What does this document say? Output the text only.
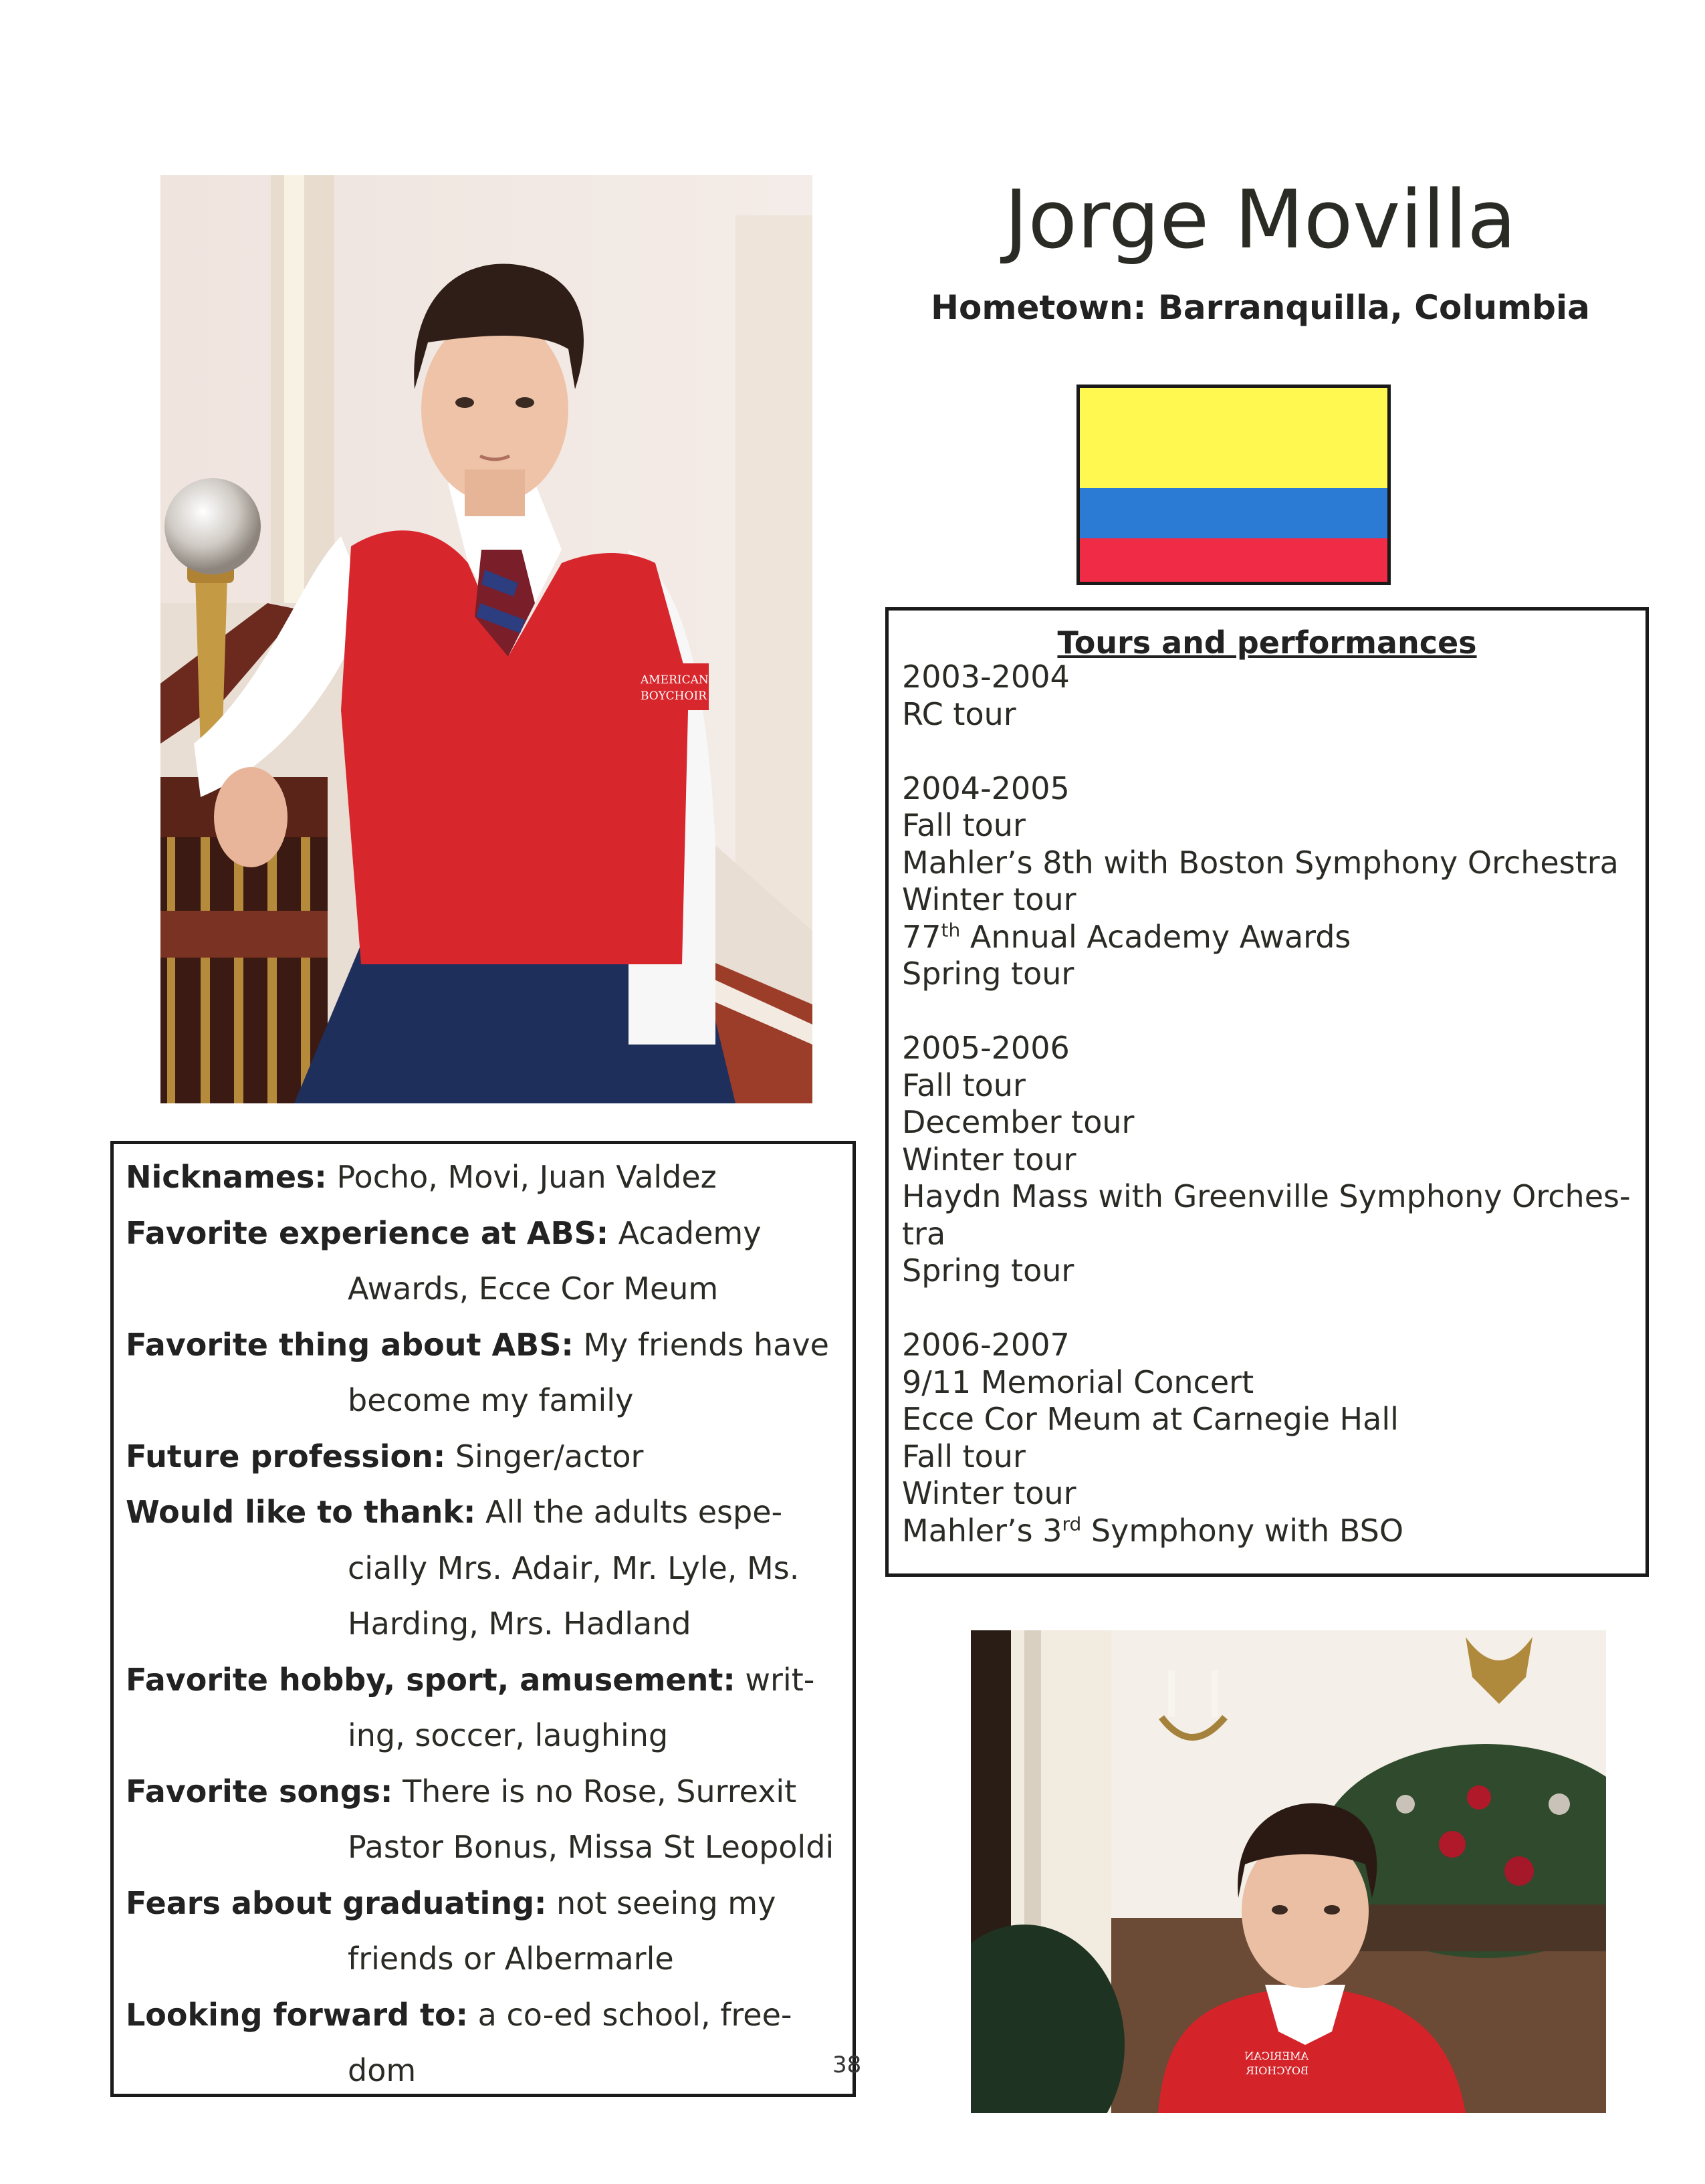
Jorge Movilla
Hometown: Barranquilla, Columbia
AMERICAN
BOYCHOIR
Tours and performances
2003-2004
RC tour
2004-2005
Fall tour
Mahler’s 8th with Boston Symphony Orchestra
Winter tour
77th Annual Academy Awards
Spring tour
2005-2006
Fall tour
December tour
Winter tour
Haydn Mass with Greenville Symphony Orches-
tra
Spring tour
2006-2007
9/11 Memorial Concert
Ecce Cor Meum at Carnegie Hall
Fall tour
Winter tour
Mahler’s 3rd Symphony with BSO

Nicknames: Pocho, Movi, Juan Valdez

Favorite experience at ABS: Academy
Awards, Ecce Cor Meum

Favorite thing about ABS: My friends have
become my family

Future profession: Singer/actor

Would like to thank: All the adults espe-
cially Mrs. Adair, Mr. Lyle, Ms.
Harding, Mrs. Hadland

Favorite hobby, sport, amusement: writ-
ing, soccer, laughing

Favorite songs: There is no Rose, Surrexit
Pastor Bonus, Missa St Leopoldi

Fears about graduating: not seeing my
friends or Albermarle

Looking forward to: a co-ed school, free-
dom	38	AMERICAN
BOYCHOIR
